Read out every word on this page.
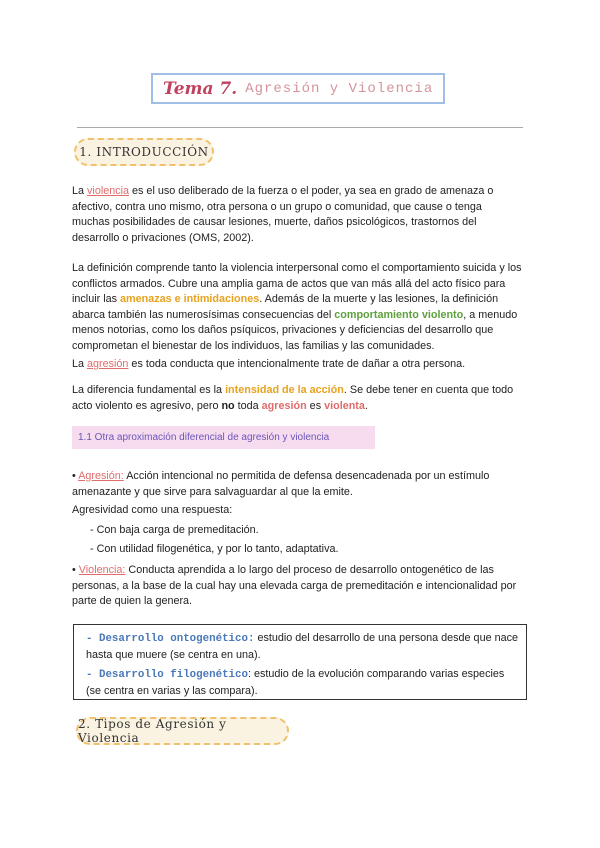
Tema 7. Agresión y Violencia
1. INTRODUCCIÓN
La violencia es el uso deliberado de la fuerza o el poder, ya sea en grado de amenaza o afectivo, contra uno mismo, otra persona o un grupo o comunidad, que cause o tenga muchas posibilidades de causar lesiones, muerte, daños psicológicos, trastornos del desarrollo o privaciones (OMS, 2002).
La definición comprende tanto la violencia interpersonal como el comportamiento suicida y los conflictos armados. Cubre una amplia gama de actos que van más allá del acto físico para incluir las amenazas e intimidaciones. Además de la muerte y las lesiones, la definición abarca también las numerosísimas consecuencias del comportamiento violento, a menudo menos notorias, como los daños psíquicos, privaciones y deficiencias del desarrollo que comprometan el bienestar de los individuos, las familias y las comunidades.
La agresión es toda conducta que intencionalmente trate de dañar a otra persona.
La diferencia fundamental es la intensidad de la acción. Se debe tener en cuenta que todo acto violento es agresivo, pero no toda agresión es violenta.
1.1 Otra aproximación diferencial de agresión y violencia
• Agresión: Acción intencional no permitida de defensa desencadenada por un estímulo amenazante y que sirve para salvaguardar al que la emite.
Agresividad como una respuesta:
- Con baja carga de premeditación.
- Con utilidad filogenética, y por lo tanto, adaptativa.
• Violencia: Conducta aprendida a lo largo del proceso de desarrollo ontogenético de las personas, a la base de la cual hay una elevada carga de premeditación e intencionalidad por parte de quien la genera.
- Desarrollo ontogenético: estudio del desarrollo de una persona desde que nace hasta que muere (se centra en una).
- Desarrollo filogenético: estudio de la evolución comparando varias especies (se centra en varias y las compara).
2. Tipos de Agresión y Violencia
